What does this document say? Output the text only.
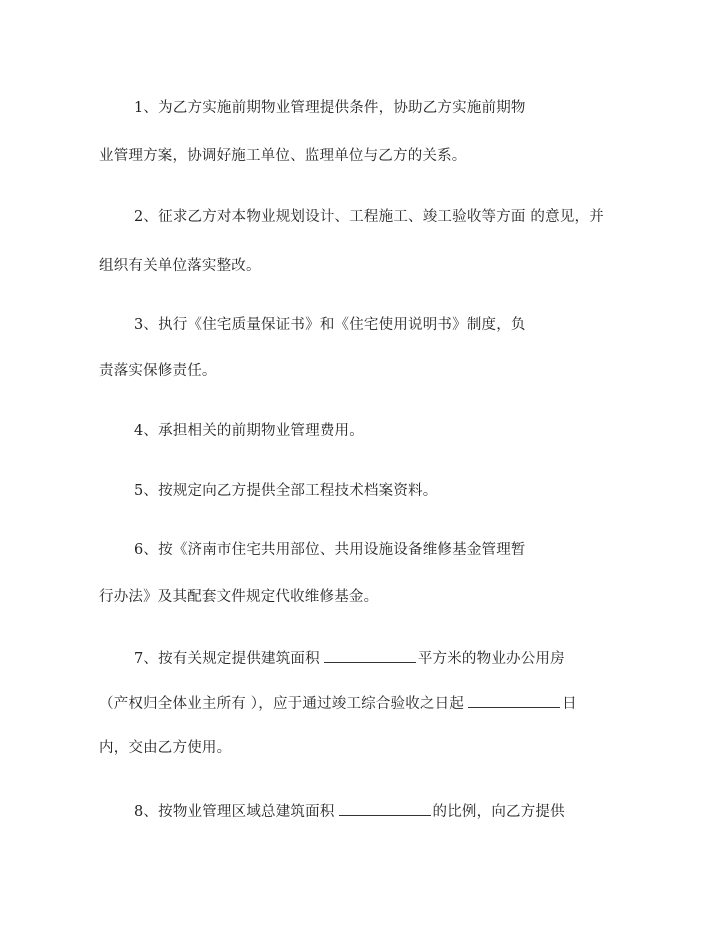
1、为乙方实施前期物业管理提供条件，协助乙方实施前期物
业管理方案，协调好施工单位、监理单位与乙方的关系。
2、征求乙方对本物业规划设计、工程施工、竣工验收等方面 的意见，并
组织有关单位落实整改。
3、执行《住宅质量保证书》和《住宅使用说明书》制度，负
责落实保修责任。
4、承担相关的前期物业管理费用。
5、按规定向乙方提供全部工程技术档案资料。
6、按《济南市住宅共用部位、共用设施设备维修基金管理暂
行办法》及其配套文件规定代收维修基金。
7、按有关规定提供建筑面积	平方米的物业办公用房
（产权归全体业主所有 ），应于通过竣工综合验收之日起	日
内，交由乙方使用。
8、按物业管理区域总建筑面积	的比例，向乙方提供
